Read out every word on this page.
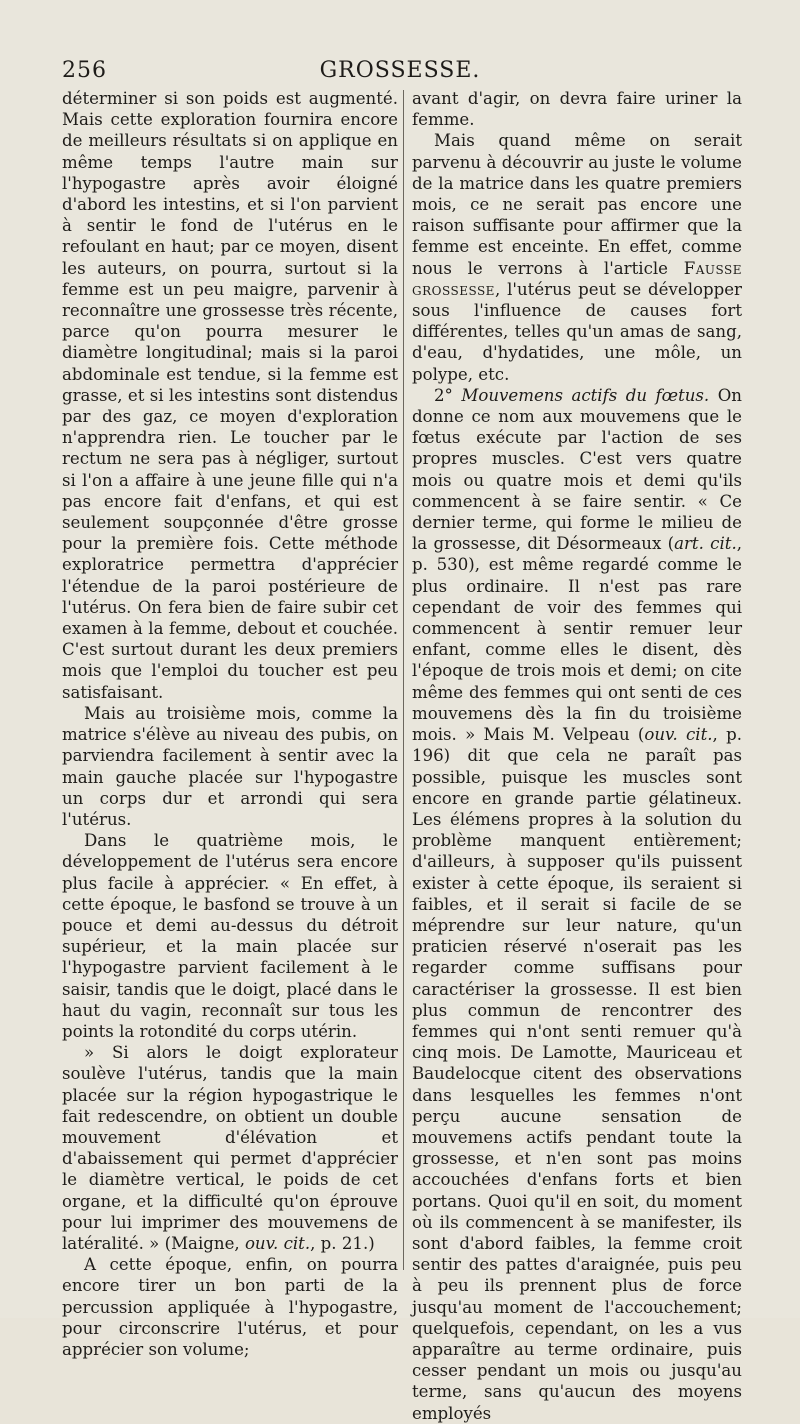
256	GROSSESSE.

déterminer si son poids est augmenté. Mais cette exploration fournira encore de meilleurs résultats si on applique en même temps l'autre main sur l'hypogastre après avoir éloigné d'abord les intestins, et si l'on parvient à sentir le fond de l'utérus en le refoulant en haut; par ce moyen, disent les auteurs, on pourra, surtout si la femme est un peu maigre, parvenir à reconnaître une grossesse très récente, parce qu'on pourra mesurer le diamètre longitudinal; mais si la paroi abdominale est tendue, si la femme est grasse, et si les intestins sont distendus par des gaz, ce moyen d'exploration n'apprendra rien. Le toucher par le rectum ne sera pas à négliger, surtout si l'on a affaire à une jeune fille qui n'a pas encore fait d'enfans, et qui est seulement soupçonnée d'être grosse pour la première fois. Cette méthode exploratrice permettra d'apprécier l'étendue de la paroi postérieure de l'utérus. On fera bien de faire subir cet examen à la femme, debout et couchée. C'est surtout durant les deux premiers mois que l'emploi du toucher est peu satisfaisant.

Mais au troisième mois, comme la matrice s'élève au niveau des pubis, on parviendra facilement à sentir avec la main gauche placée sur l'hypogastre un corps dur et arrondi qui sera l'utérus.

Dans le quatrième mois, le développement de l'utérus sera encore plus facile à apprécier. « En effet, à cette époque, le basfond se trouve à un pouce et demi au-dessus du détroit supérieur, et la main placée sur l'hypogastre parvient facilement à le saisir, tandis que le doigt, placé dans le haut du vagin, reconnaît sur tous les points la rotondité du corps utérin.

» Si alors le doigt explorateur soulève l'utérus, tandis que la main placée sur la région hypogastrique le fait redescendre, on obtient un double mouvement d'élévation et d'abaissement qui permet d'apprécier le diamètre vertical, le poids de cet organe, et la difficulté qu'on éprouve pour lui imprimer des mouvemens de latéralité. » (Maigne, ouv. cit., p. 21.)

A cette époque, enfin, on pourra encore tirer un bon parti de la percussion appliquée à l'hypogastre, pour circonscrire l'utérus, et pour apprécier son volume;

avant d'agir, on devra faire uriner la femme.

Mais quand même on serait parvenu à découvrir au juste le volume de la matrice dans les quatre premiers mois, ce ne serait pas encore une raison suffisante pour affirmer que la femme est enceinte. En effet, comme nous le verrons à l'article Fausse grossesse, l'utérus peut se développer sous l'influence de causes fort différentes, telles qu'un amas de sang, d'eau, d'hydatides, une môle, un polype, etc.

2° Mouvemens actifs du fœtus. On donne ce nom aux mouvemens que le fœtus exécute par l'action de ses propres muscles. C'est vers quatre mois ou quatre mois et demi qu'ils commencent à se faire sentir. « Ce dernier terme, qui forme le milieu de la grossesse, dit Désormeaux (art. cit., p. 530), est même regardé comme le plus ordinaire. Il n'est pas rare cependant de voir des femmes qui commencent à sentir remuer leur enfant, comme elles le disent, dès l'époque de trois mois et demi; on cite même des femmes qui ont senti de ces mouvemens dès la fin du troisième mois. » Mais M. Velpeau (ouv. cit., p. 196) dit que cela ne paraît pas possible, puisque les muscles sont encore en grande partie gélatineux. Les élémens propres à la solution du problème manquent entièrement; d'ailleurs, à supposer qu'ils puissent exister à cette époque, ils seraient si faibles, et il serait si facile de se méprendre sur leur nature, qu'un praticien réservé n'oserait pas les regarder comme suffisans pour caractériser la grossesse. Il est bien plus commun de rencontrer des femmes qui n'ont senti remuer qu'à cinq mois. De Lamotte, Mauriceau et Baudelocque citent des observations dans lesquelles les femmes n'ont perçu aucune sensation de mouvemens actifs pendant toute la grossesse, et n'en sont pas moins accouchées d'enfans forts et bien portans. Quoi qu'il en soit, du moment où ils commencent à se manifester, ils sont d'abord faibles, la femme croit sentir des pattes d'araignée, puis peu à peu ils prennent plus de force jusqu'au moment de l'accouchement; quelquefois, cependant, on les a vus apparaître au terme ordinaire, puis cesser pendant un mois ou jusqu'au terme, sans qu'aucun des moyens employés
